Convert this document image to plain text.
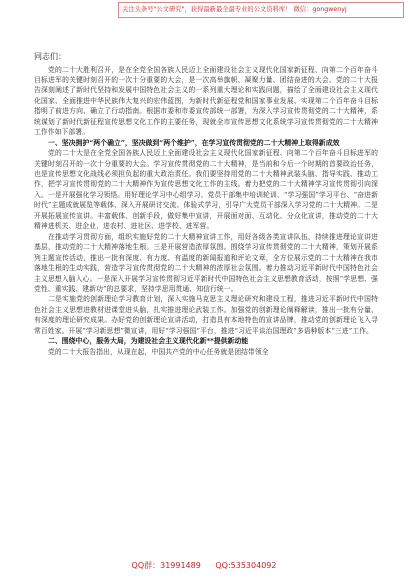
关注头条号"公文研究"，获得最新最全最专业的公文资料库！ 微信：gongwenyj
同志们：

党的二十大胜利召开，是在全党全国各族人民迈上全面建设社会主义现代化国家新征程、向第二个百年奋斗目标进军的关键时刻召开的一次十分重要的大会，是一次高举旗帜、凝聚力量、团结奋进的大会。党的二十大报告深刻阐述了新时代坚持和发展中国特色社会主义的一系列重大理论和实践问题，描绘了全面建设社会主义现代化国家、全面推进中华民族伟大复兴的宏伟蓝图，为新时代新征程党和国家事业发展、实现第二个百年奋斗目标指明了前进方向、确立了行动指南。根据市委和市委宣传部统一部署，为深入学习宣传贯彻党的二十大精神，系统谋划了新时代新征程宣传思想文化工作的主要任务，现就全市宣传思想文化系统学习宣传贯彻党的二十大精神工作作如下部署。

一、坚决拥护“两个确立”，坚决做到“两个维护”，在学习宣传贯彻党的二十大精神上取得新成效

党的二十大是在全党全国各族人民迈上全面建设社会主义现代化国家新征程、向第二个百年奋斗目标进军的关键时刻召开的一次十分重要的大会。学习宣传贯彻党的二十大精神，是当前和今后一个时期的首要政治任务，也是宣传思想文化战线必须担负起的重大政治责任。我们要坚持用党的二十大精神武装头脑、指导实践、推动工作，把学习宣传贯彻党的二十大精神作为宣传思想文化工作的主线。着力把党的二十大精神学习宣传贯彻引向深入。一是开展强化学习领悟。用好理论学习中心组学习、党员干部集中培训轮训、“学习强国”学习平台、“奋进新时代”主题成就展览等载体，深入开展研讨交流、体验式学习，引导广大党员干部深入学习党的二十大精神。二是开展拓展宣传宣讲。丰富载体、创新手段，做好集中宣讲，开展面对面、互动化、分众化宣讲，推动党的二十大精神进机关、进企业、进农村、进社区、进学校、进军营。

在推动学习贯彻方面，组织实施好党的二十大精神宣讲工作，用好各级各类宣讲队伍，持续推进理论宣讲进基层，推动党的二十大精神落地生根。三是开展营造浓厚氛围。围绕学习宣传贯彻党的二十大精神，策划开展系列主题宣传活动，推出一批有深度、有力度、有温度的新闻报道和评论文章，全方位展示党的二十大精神在我市落地生根的生动实践，营造学习宣传贯彻党的二十大精神的浓厚社会氛围。着力推动习近平新时代中国特色社会主义思想入脑入心。一是深入开展学习宣传贯彻习近平新时代中国特色社会主义思想教育活动，按照“学思想、强党性、重实践、建新功”的总要求，坚持学思用贯通、知信行统一。

二是实施党的创新理论学习教育计划，深入实施马克思主义理论研究和建设工程，推进习近平新时代中国特色社会主义思想进教材进课堂进头脑，扎实推进理论武装工作。加强党的创新理论阐释解读，推出一批有分量、有深度的理论研究成果。办好党的创新理论宣讲活动，打造具有本地特色的宣讲品牌，推动党的创新理论飞入寻常百姓家。开展“学习新思想”微宣讲，用好“学习强国”平台，推进“习近平谈治国理政”多语种版本“三进”工作。

二、围绕中心，服务大局，为建设社会主义现代化新**提供新动能

党的二十大报告指出，从现在起，中国共产党的中心任务就是团结带领全

QQ群：31991489 QQ:535304092
